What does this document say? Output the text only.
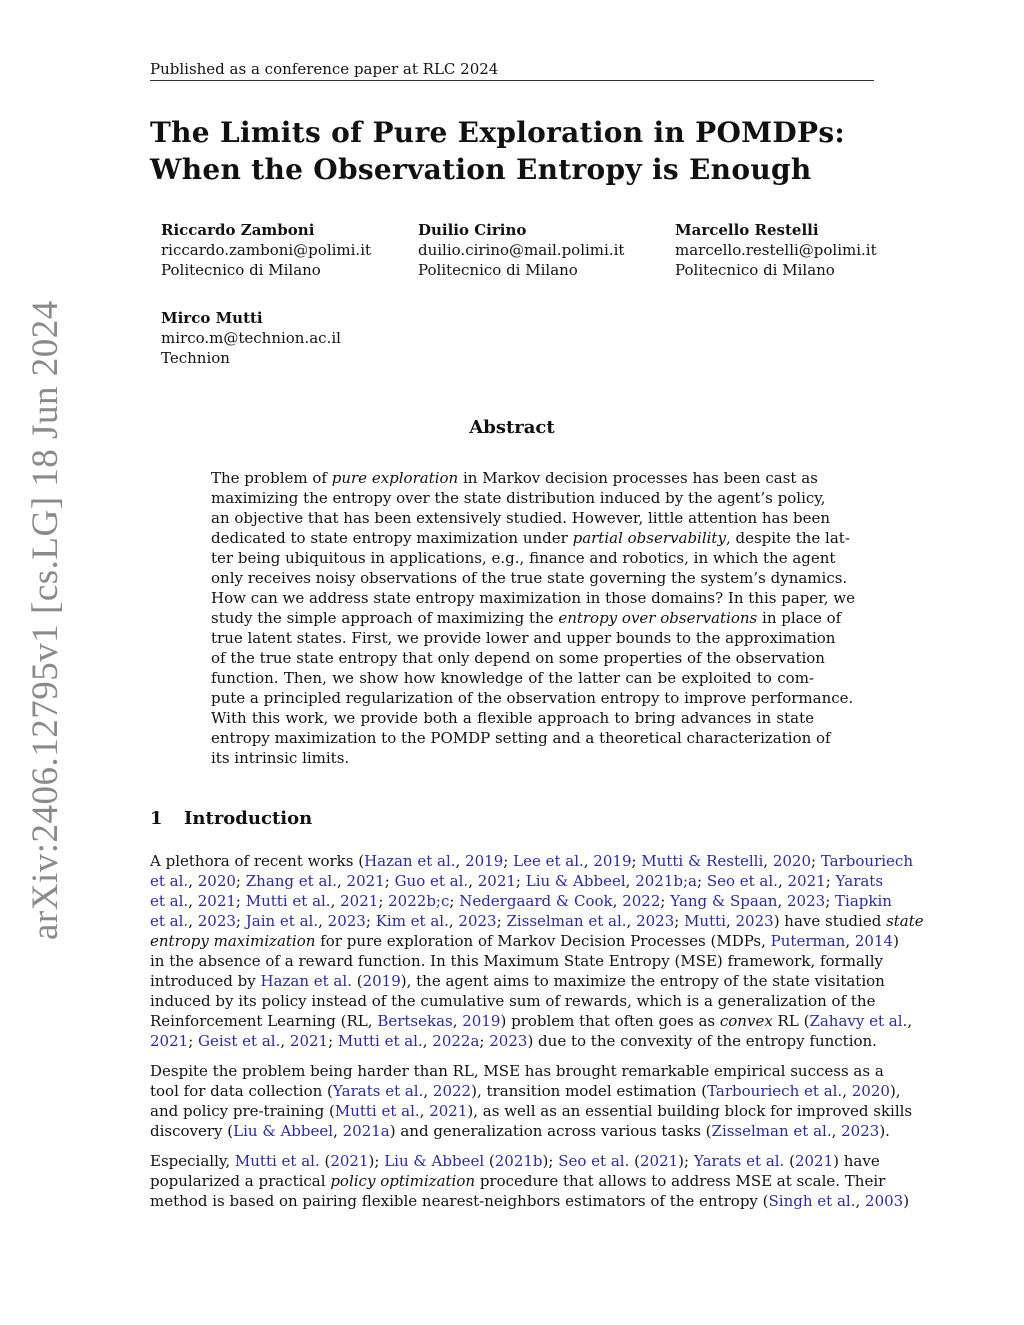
Published as a conference paper at RLC 2024
arXiv:2406.12795v1 [cs.LG] 18 Jun 2024
The Limits of Pure Exploration in POMDPs:
When the Observation Entropy is Enough
Riccardo Zamboni
riccardo.zamboni@polimi.it
Politecnico di Milano
Duilio Cirino
duilio.cirino@mail.polimi.it
Politecnico di Milano
Marcello Restelli
marcello.restelli@polimi.it
Politecnico di Milano
Mirco Mutti
mirco.m@technion.ac.il
Technion
Abstract
The problem of pure exploration in Markov decision processes has been cast as
maximizing the entropy over the state distribution induced by the agent’s policy,
an objective that has been extensively studied. However, little attention has been
dedicated to state entropy maximization under partial observability, despite the lat-
ter being ubiquitous in applications, e.g., finance and robotics, in which the agent
only receives noisy observations of the true state governing the system’s dynamics.
How can we address state entropy maximization in those domains? In this paper, we
study the simple approach of maximizing the entropy over observations in place of
true latent states. First, we provide lower and upper bounds to the approximation
of the true state entropy that only depend on some properties of the observation
function. Then, we show how knowledge of the latter can be exploited to com-
pute a principled regularization of the observation entropy to improve performance.
With this work, we provide both a flexible approach to bring advances in state
entropy maximization to the POMDP setting and a theoretical characterization of
its intrinsic limits.
1 Introduction
A plethora of recent works (Hazan et al., 2019; Lee et al., 2019; Mutti & Restelli, 2020; Tarbouriech
et al., 2020; Zhang et al., 2021; Guo et al., 2021; Liu & Abbeel, 2021b;a; Seo et al., 2021; Yarats
et al., 2021; Mutti et al., 2021; 2022b;c; Nedergaard & Cook, 2022; Yang & Spaan, 2023; Tiapkin
et al., 2023; Jain et al., 2023; Kim et al., 2023; Zisselman et al., 2023; Mutti, 2023) have studied state
entropy maximization for pure exploration of Markov Decision Processes (MDPs, Puterman, 2014)
in the absence of a reward function. In this Maximum State Entropy (MSE) framework, formally
introduced by Hazan et al. (2019), the agent aims to maximize the entropy of the state visitation
induced by its policy instead of the cumulative sum of rewards, which is a generalization of the
Reinforcement Learning (RL, Bertsekas, 2019) problem that often goes as convex RL (Zahavy et al.,
2021; Geist et al., 2021; Mutti et al., 2022a; 2023) due to the convexity of the entropy function.
Despite the problem being harder than RL, MSE has brought remarkable empirical success as a
tool for data collection (Yarats et al., 2022), transition model estimation (Tarbouriech et al., 2020),
and policy pre-training (Mutti et al., 2021), as well as an essential building block for improved skills
discovery (Liu & Abbeel, 2021a) and generalization across various tasks (Zisselman et al., 2023).
Especially, Mutti et al. (2021); Liu & Abbeel (2021b); Seo et al. (2021); Yarats et al. (2021) have
popularized a practical policy optimization procedure that allows to address MSE at scale. Their
method is based on pairing flexible nearest-neighbors estimators of the entropy (Singh et al., 2003)
